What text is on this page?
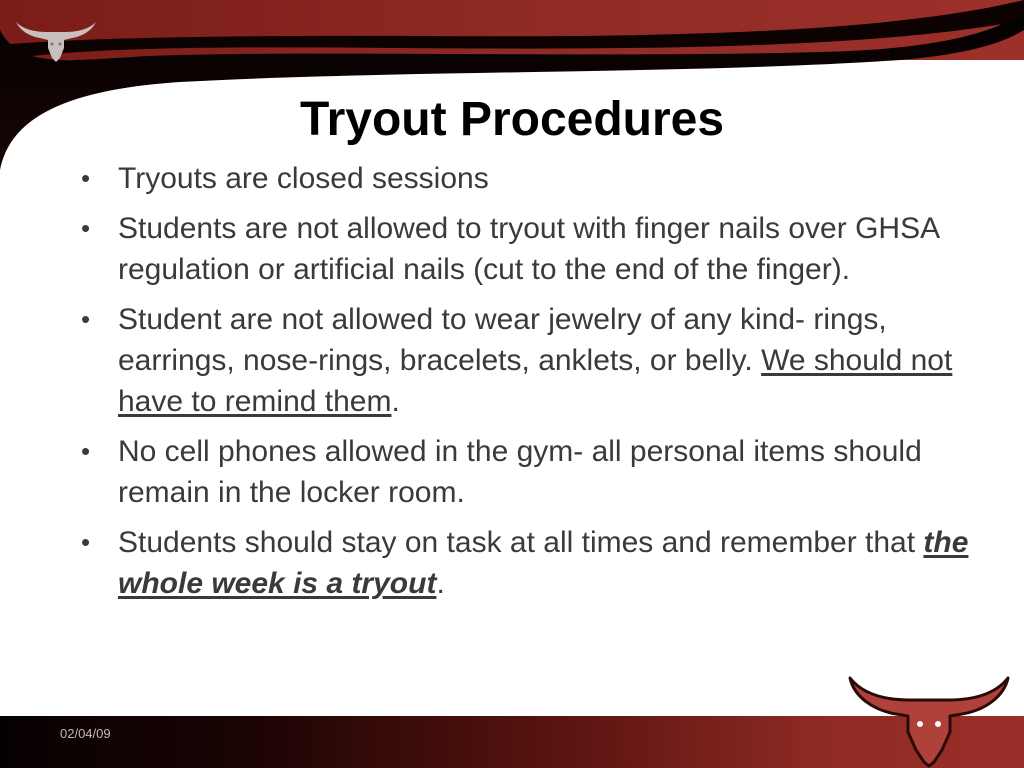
Tryout Procedures
• Tryouts are closed sessions
• Students are not allowed to tryout with finger nails over GHSA regulation or artificial nails (cut to the end of the finger).
• Student are not allowed to wear jewelry of any kind- rings, earrings, nose-rings, bracelets, anklets, or belly. We should not have to remind them.
• No cell phones allowed in the gym- all personal items should remain in the locker room.
• Students should stay on task at all times and remember that the whole week is a tryout.
02/04/09
